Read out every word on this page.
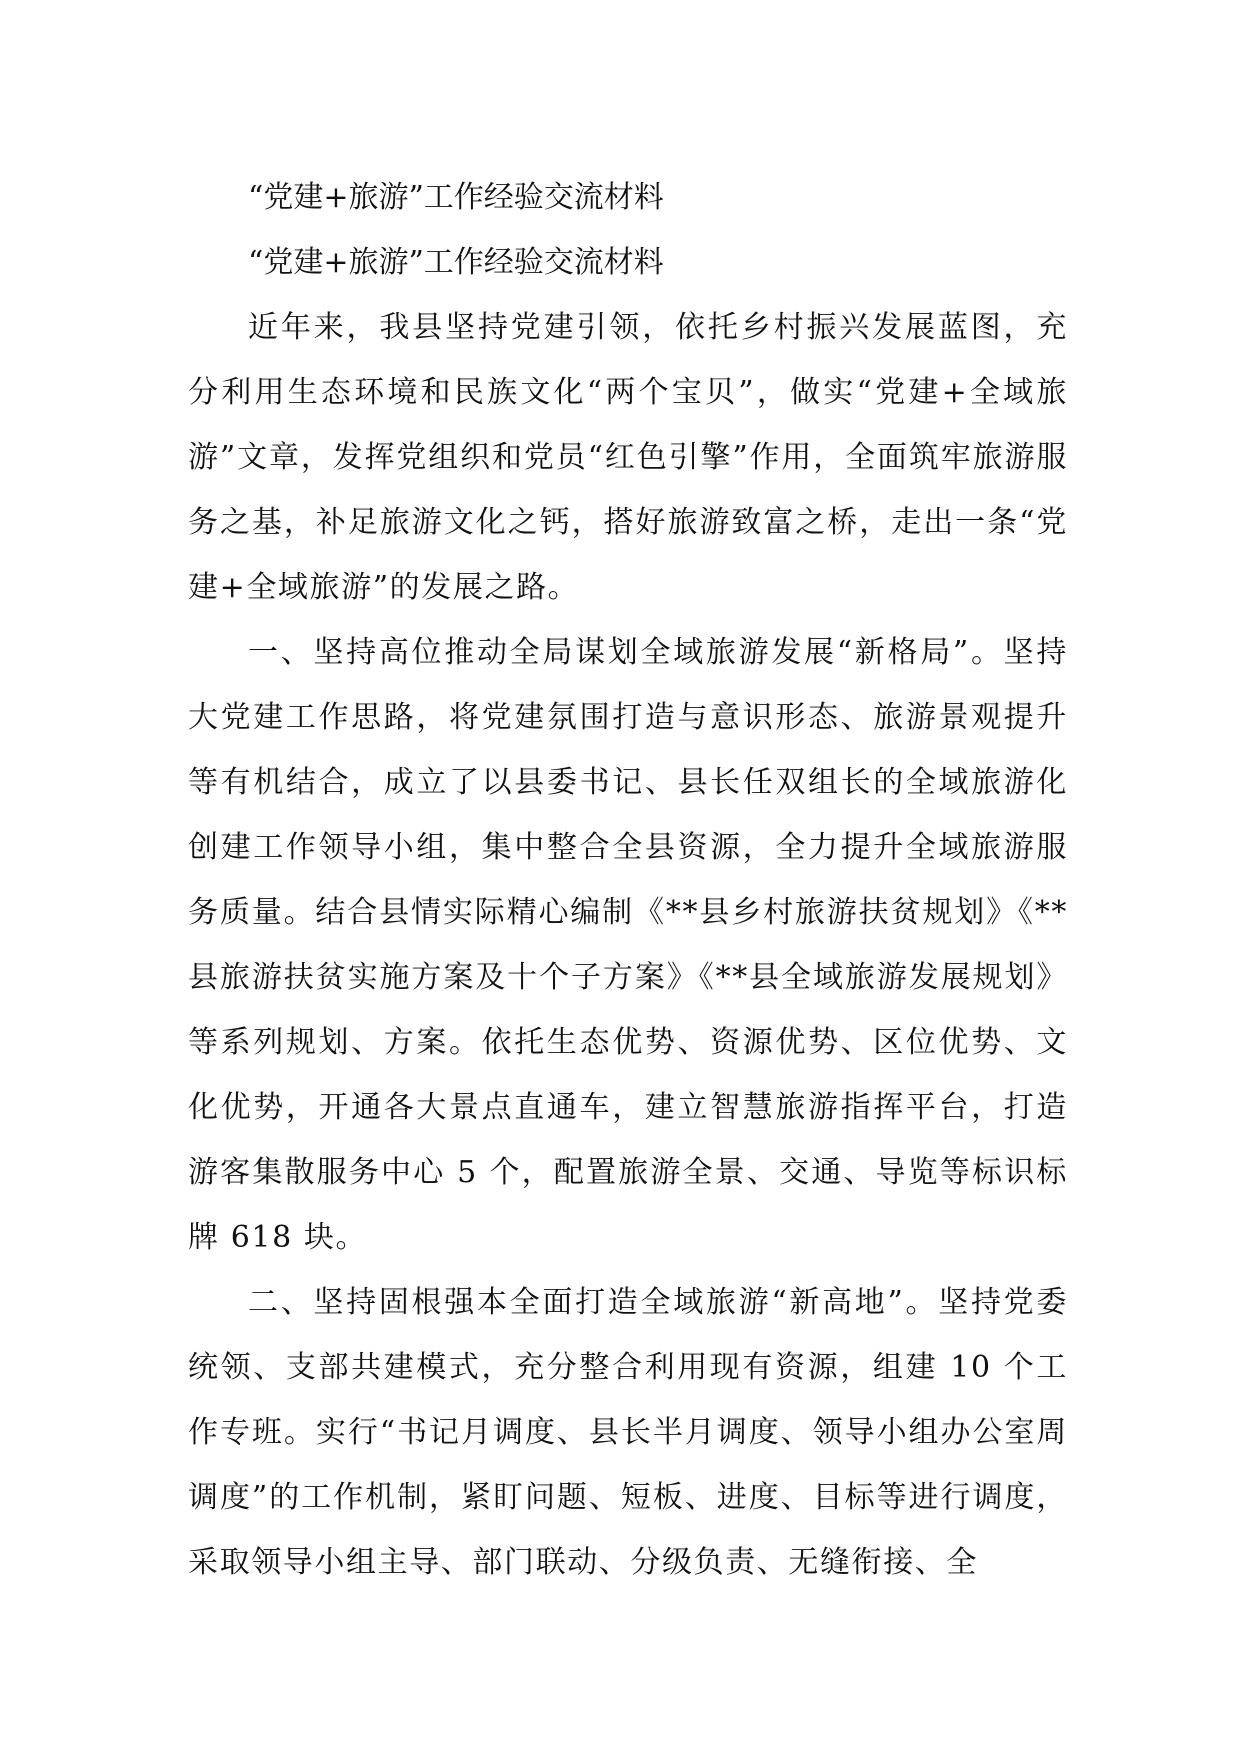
“党建+旅游”工作经验交流材料

“党建+旅游”工作经验交流材料

近年来，我县坚持党建引领，依托乡村振兴发展蓝图，充分利用生态环境和民族文化“两个宝贝”，做实“党建+全域旅游”文章，发挥党组织和党员“红色引擎”作用，全面筑牢旅游服务之基，补足旅游文化之钙，搭好旅游致富之桥，走出一条“党建+全域旅游”的发展之路。

一、坚持高位推动全局谋划全域旅游发展“新格局”。坚持大党建工作思路，将党建氛围打造与意识形态、旅游景观提升等有机结合，成立了以县委书记、县长任双组长的全域旅游化创建工作领导小组，集中整合全县资源，全力提升全域旅游服务质量。结合县情实际精心编制《**县乡村旅游扶贫规划》《**县旅游扶贫实施方案及十个子方案》《**县全域旅游发展规划》等系列规划、方案。依托生态优势、资源优势、区位优势、文化优势，开通各大景点直通车，建立智慧旅游指挥平台，打造游客集散服务中心 5 个，配置旅游全景、交通、导览等标识标牌 618 块。

二、坚持固根强本全面打造全域旅游“新高地”。坚持党委统领、支部共建模式，充分整合利用现有资源，组建 10 个工作专班。实行“书记月调度、县长半月调度、领导小组办公室周调度”的工作机制，紧盯问题、短板、进度、目标等进行调度，采取领导小组主导、部门联动、分级负责、无缝衔接、全
